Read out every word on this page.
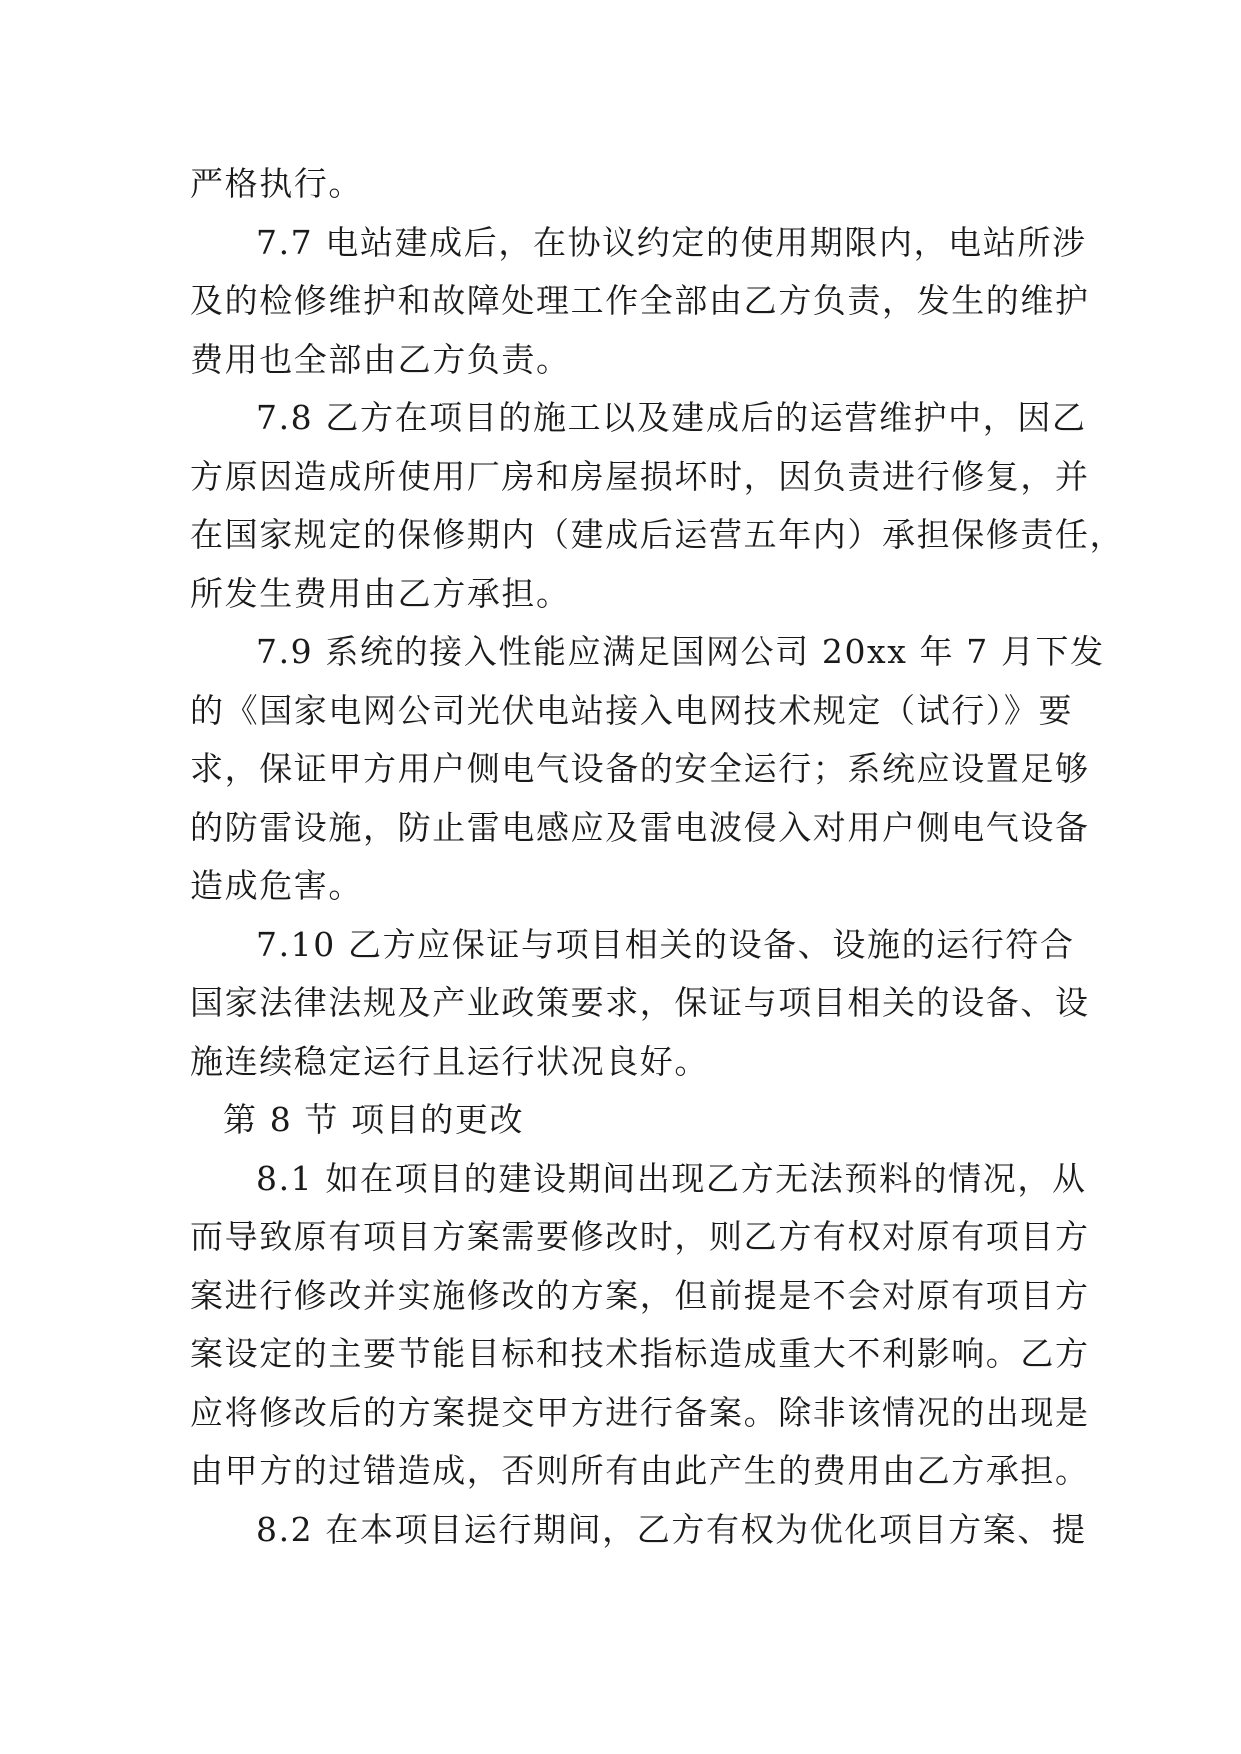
严格执行。
7.7 电站建成后，在协议约定的使用期限内，电站所涉
及的检修维护和故障处理工作全部由乙方负责，发生的维护
费用也全部由乙方负责。
7.8 乙方在项目的施工以及建成后的运营维护中，因乙
方原因造成所使用厂房和房屋损坏时，因负责进行修复，并
在国家规定的保修期内（建成后运营五年内）承担保修责任，
所发生费用由乙方承担。
7.9 系统的接入性能应满足国网公司 20xx 年 7 月下发
的《国家电网公司光伏电站接入电网技术规定（试行）》要
求，保证甲方用户侧电气设备的安全运行；系统应设置足够
的防雷设施，防止雷电感应及雷电波侵入对用户侧电气设备
造成危害。
7.10 乙方应保证与项目相关的设备、设施的运行符合
国家法律法规及产业政策要求，保证与项目相关的设备、设
施连续稳定运行且运行状况良好。
第 8 节 项目的更改
8.1 如在项目的建设期间出现乙方无法预料的情况，从
而导致原有项目方案需要修改时，则乙方有权对原有项目方
案进行修改并实施修改的方案，但前提是不会对原有项目方
案设定的主要节能目标和技术指标造成重大不利影响。乙方
应将修改后的方案提交甲方进行备案。除非该情况的出现是
由甲方的过错造成，否则所有由此产生的费用由乙方承担。
8.2 在本项目运行期间，乙方有权为优化项目方案、提
